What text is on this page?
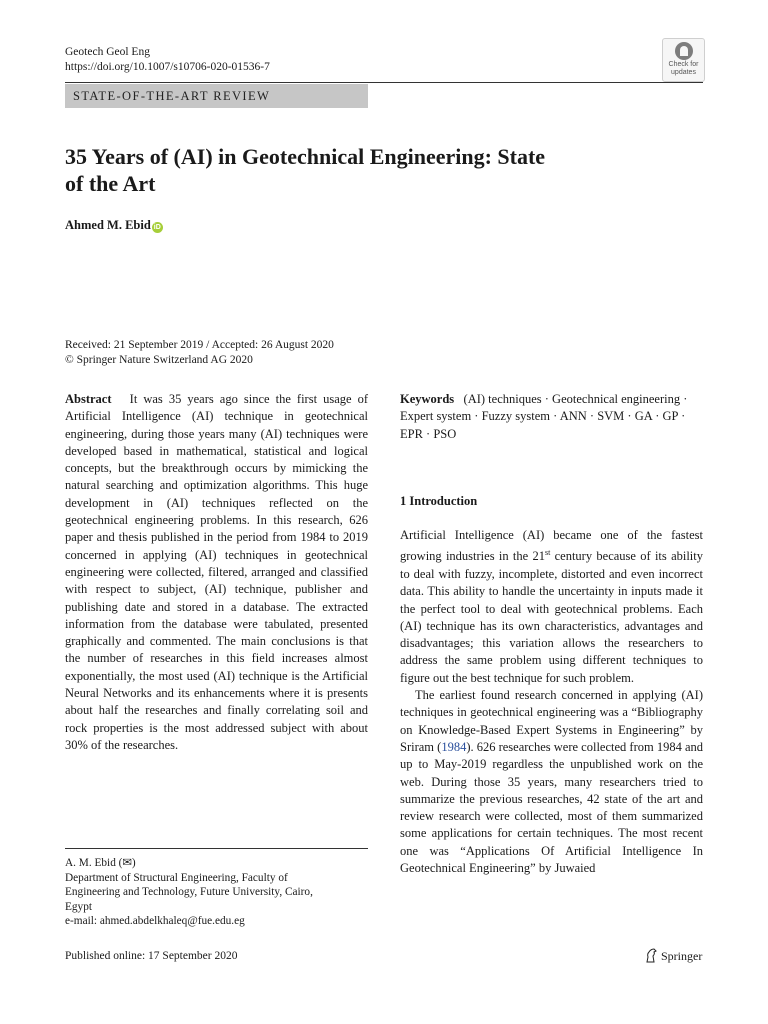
Geotech Geol Eng
https://doi.org/10.1007/s10706-020-01536-7	Check for
updates
STATE-OF-THE-ART REVIEW
35 Years of (AI) in Geotechnical Engineering: State
of the Art
Ahmed M. Ebid iD
Received: 21 September 2019 / Accepted: 26 August 2020
© Springer Nature Switzerland AG 2020

Abstract It was 35 years ago since the first usage of Artificial Intelligence (AI) technique in geotechnical engineering, during those years many (AI) techniques were developed based in mathematical, statistical and logical concepts, but the breakthrough occurs by mimicking the natural searching and optimization algorithms. This huge development in (AI) techniques reflected on the geotechnical engineering problems. In this research, 626 paper and thesis published in the period from 1984 to 2019 concerned in applying (AI) techniques in geotechnical engineering were collected, filtered, arranged and classified with respect to subject, (AI) technique, publisher and publishing date and stored in a database. The extracted information from the database were tabulated, presented graphically and commented. The main conclusions is that the number of researches in this field increases almost exponentially, the most used (AI) technique is the Artificial Neural Networks and its enhancements where it is presents about half the researches and finally correlating soil and rock properties is the most addressed subject with about 30% of the researches.

Keywords (AI) techniques · Geotechnical engineering · Expert system · Fuzzy system · ANN · SVM · GA · GP · EPR · PSO

1 Introduction

Artificial Intelligence (AI) became one of the fastest growing industries in the 21st century because of its ability to deal with fuzzy, incomplete, distorted and even incorrect data. This ability to handle the uncertainty in inputs made it the perfect tool to deal with geotechnical problems. Each (AI) technique has its own characteristics, advantages and disadvantages; this variation allows the researchers to address the same problem using different techniques to figure out the best technique for such problem.

The earliest found research concerned in applying (AI) techniques in geotechnical engineering was a “Bibliography on Knowledge-Based Expert Systems in Engineering” by Sriram (1984). 626 researches were collected from 1984 and up to May-2019 regardless the unpublished work on the web. During those 35 years, many researchers tried to summarize the previous researches, 42 state of the art and review research were collected, most of them summarized some applications for certain techniques. The most recent one was “Applications Of Artificial Intelligence In Geotechnical Engineering” by Juwaied

A. M. Ebid (✉)
Department of Structural Engineering, Faculty of
Engineering and Technology, Future University, Cairo,
Egypt
e-mail: ahmed.abdelkhaleq@fue.edu.eg
Published online: 17 September 2020	Springer
